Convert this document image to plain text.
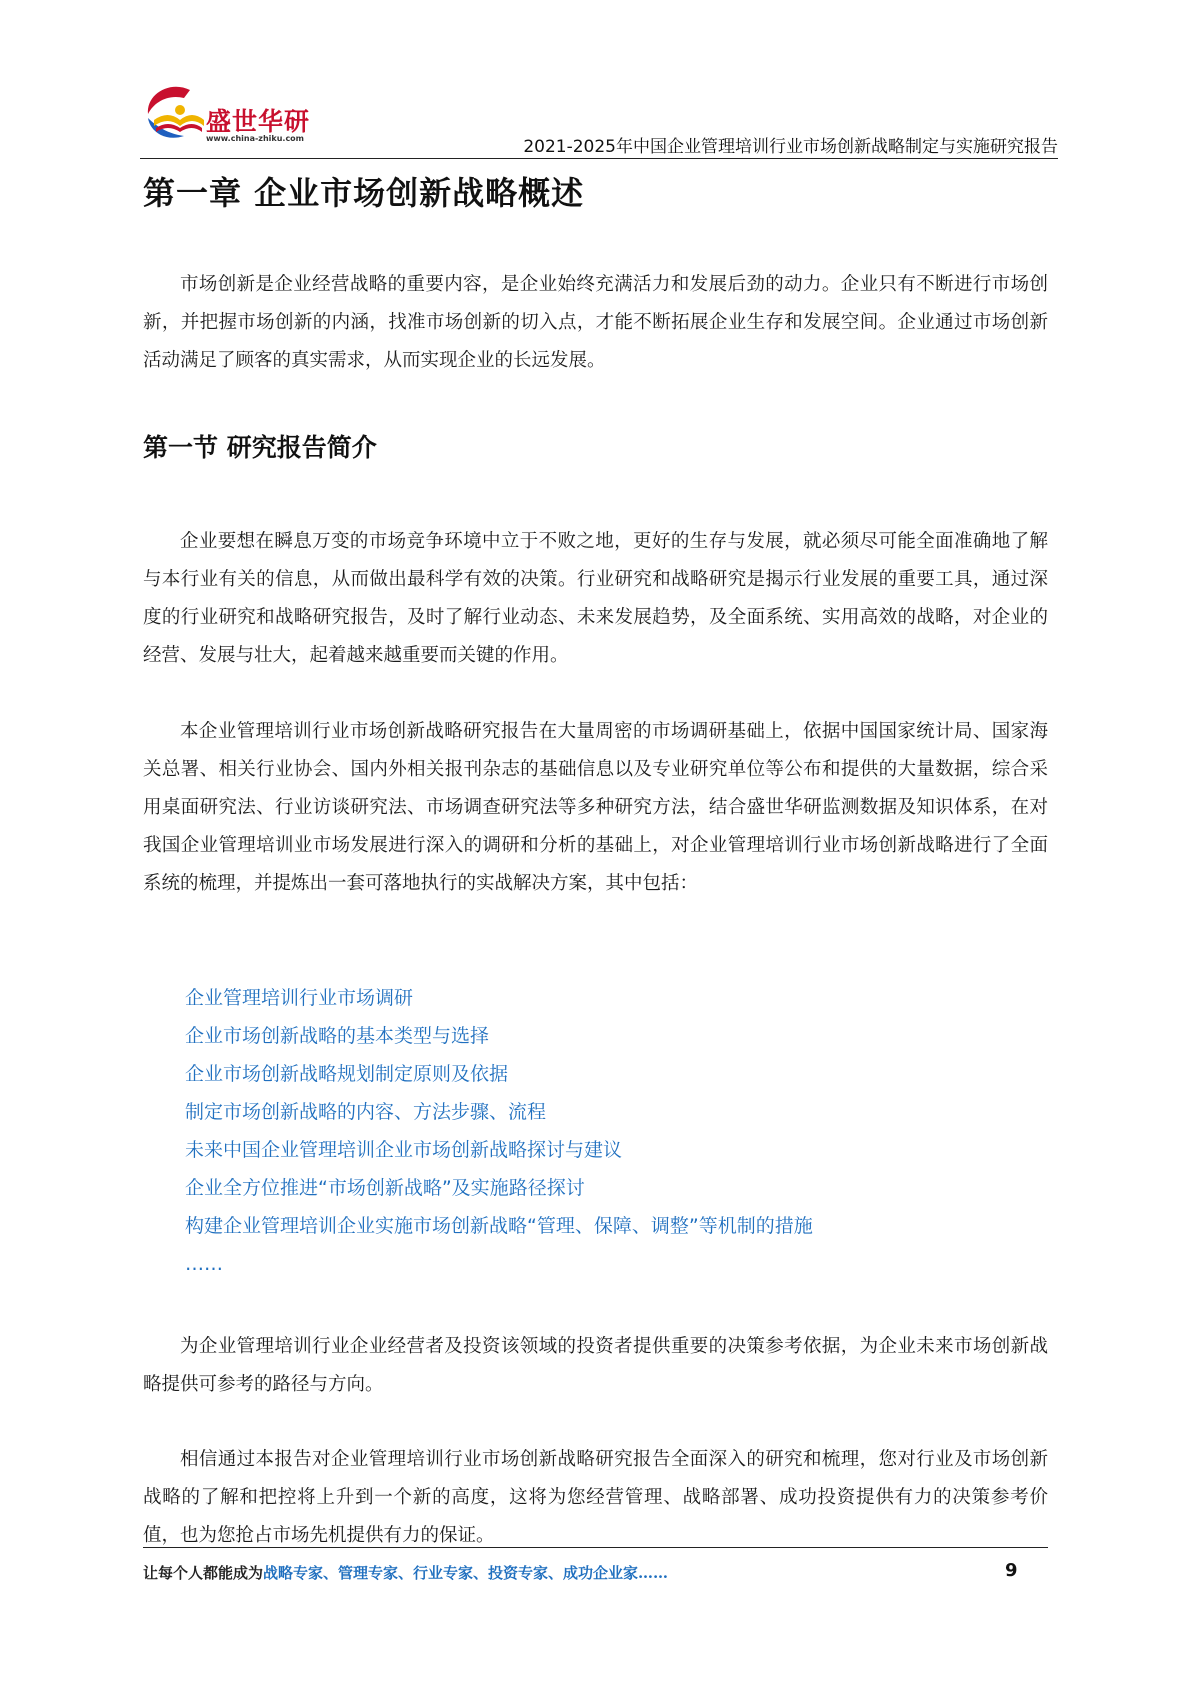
盛世华研
www.china-zhiku.com	2021-2025年中国企业管理培训行业市场创新战略制定与实施研究报告
第一章 企业市场创新战略概述

市场创新是企业经营战略的重要内容，是企业始终充满活力和发展后劲的动力。企业只有不断进行市场创新，并把握市场创新的内涵，找准市场创新的切入点，才能不断拓展企业生存和发展空间。企业通过市场创新活动满足了顾客的真实需求，从而实现企业的长远发展。

第一节 研究报告简介

企业要想在瞬息万变的市场竞争环境中立于不败之地，更好的生存与发展，就必须尽可能全面准确地了解与本行业有关的信息，从而做出最科学有效的决策。行业研究和战略研究是揭示行业发展的重要工具，通过深度的行业研究和战略研究报告，及时了解行业动态、未来发展趋势，及全面系统、实用高效的战略，对企业的经营、发展与壮大，起着越来越重要而关键的作用。

本企业管理培训行业市场创新战略研究报告在大量周密的市场调研基础上，依据中国国家统计局、国家海关总署、相关行业协会、国内外相关报刊杂志的基础信息以及专业研究单位等公布和提供的大量数据，综合采用桌面研究法、行业访谈研究法、市场调查研究法等多种研究方法，结合盛世华研监测数据及知识体系，在对我国企业管理培训业市场发展进行深入的调研和分析的基础上，对企业管理培训行业市场创新战略进行了全面系统的梳理，并提炼出一套可落地执行的实战解决方案，其中包括：

企业管理培训行业市场调研
企业市场创新战略的基本类型与选择
企业市场创新战略规划制定原则及依据
制定市场创新战略的内容、方法步骤、流程
未来中国企业管理培训企业市场创新战略探讨与建议
企业全方位推进“市场创新战略”及实施路径探讨
构建企业管理培训企业实施市场创新战略“管理、保障、调整”等机制的措施
……

为企业管理培训行业企业经营者及投资该领域的投资者提供重要的决策参考依据，为企业未来市场创新战略提供可参考的路径与方向。

相信通过本报告对企业管理培训行业市场创新战略研究报告全面深入的研究和梳理，您对行业及市场创新战略的了解和把控将上升到一个新的高度，这将为您经营管理、战略部署、成功投资提供有力的决策参考价值，也为您抢占市场先机提供有力的保证。

让每个人都能成为战略专家、管理专家、行业专家、投资专家、成功企业家……	9
